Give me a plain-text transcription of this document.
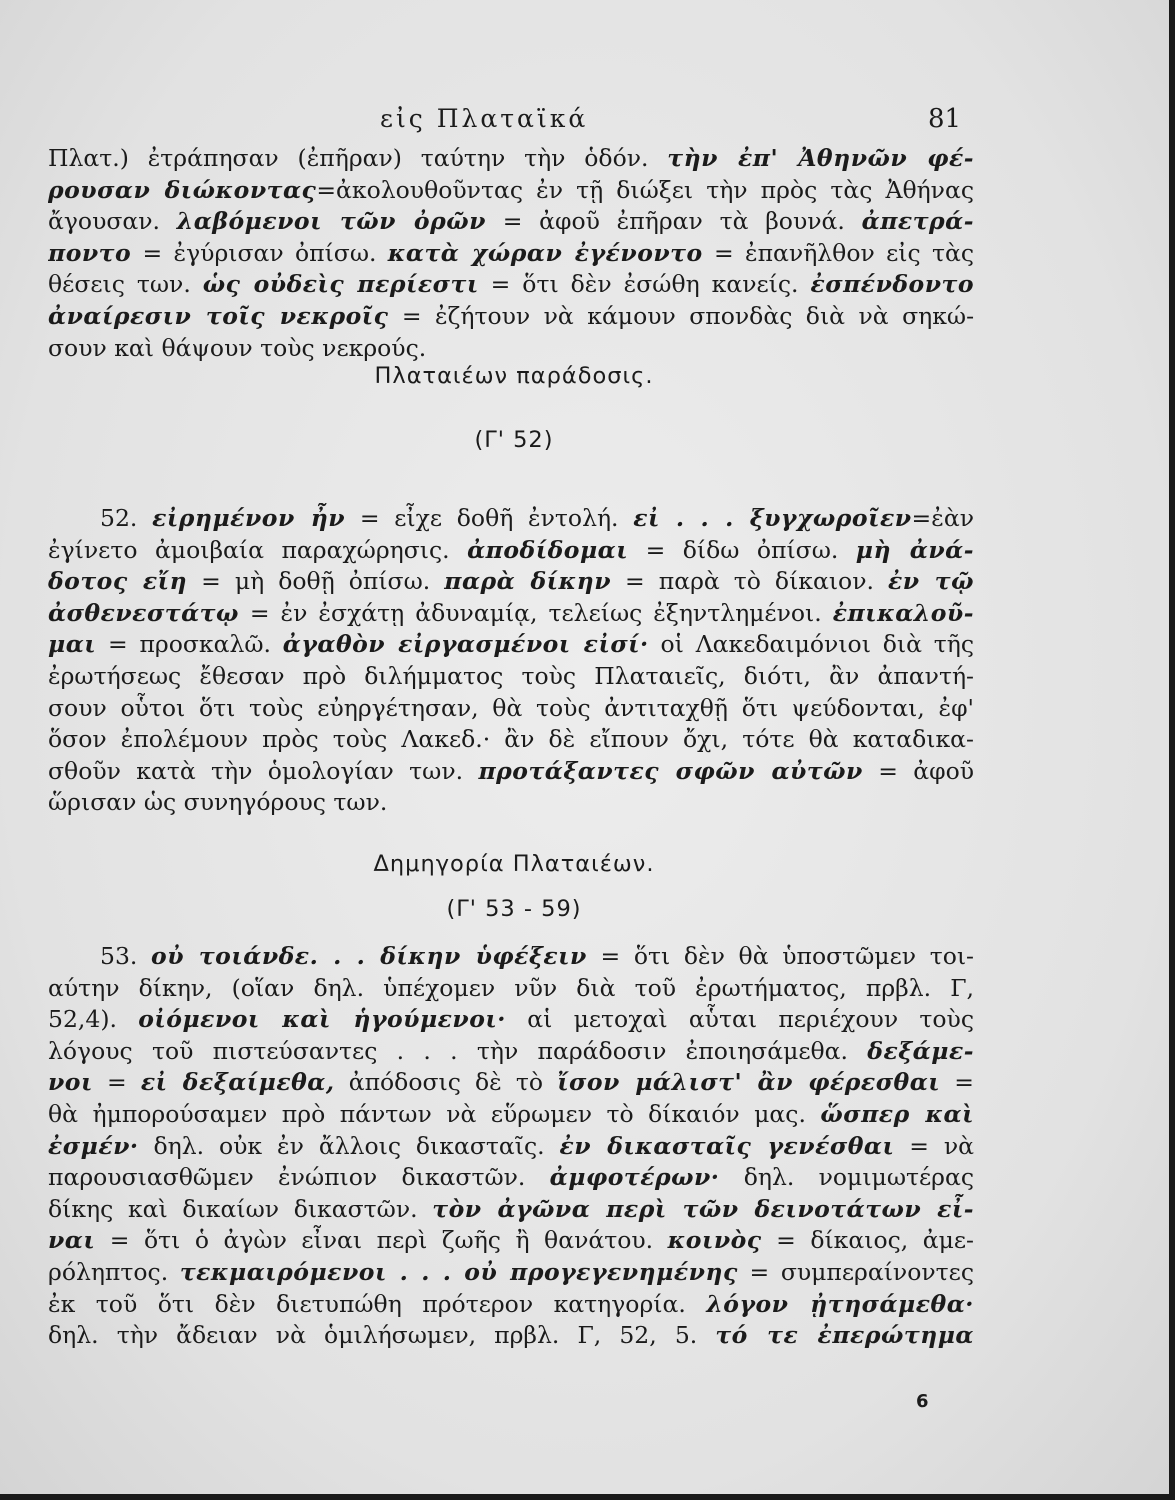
εἰς Πλαταϊκά	81
Πλατ.) ἐτράπησαν (ἐπῆραν) ταύτην τὴν ὁδόν. τὴν ἐπ' Ἀθηνῶν φέ-
ρουσαν διώκοντας=ἀκολουθοῦντας ἐν τῇ διώξει τὴν πρὸς τὰς Ἀθήνας
ἄγουσαν. λαβόμενοι τῶν ὀρῶν = ἀφοῦ ἐπῆραν τὰ βουνά. ἀπετρά-
ποντο = ἐγύρισαν ὀπίσω. κατὰ χώραν ἐγένοντο = ἐπανῆλθον εἰς τὰς
θέσεις των. ὡς οὐδεὶς περίεστι = ὅτι δὲν ἐσώθη κανείς. ἐσπένδοντο
ἀναίρεσιν τοῖς νεκροῖς = ἐζήτουν νὰ κάμουν σπονδὰς διὰ νὰ σηκώ-
σουν καὶ θάψουν τοὺς νεκρούς.
Πλαταιέων παράδοσις.
(Γ' 52)
52. εἰρημένον ἦν = εἶχε δοθῆ ἐντολή. εἰ . . . ξυγχωροῖεν=ἐὰν
ἐγίνετο ἀμοιβαία παραχώρησις. ἀποδίδομαι = δίδω ὀπίσω. μὴ ἀνά-
δοτος εἴη = μὴ δοθῇ ὀπίσω. παρὰ δίκην = παρὰ τὸ δίκαιον. ἐν τῷ
ἀσθενεστάτῳ = ἐν ἐσχάτῃ ἀδυναμίᾳ, τελείως ἐξηντλημένοι. ἐπικαλοῦ-
μαι = προσκαλῶ. ἀγαθὸν εἰργασμένοι εἰσί· οἱ Λακεδαιμόνιοι διὰ τῆς
ἐρωτήσεως ἔθεσαν πρὸ διλήμματος τοὺς Πλαταιεῖς, διότι, ἂν ἀπαντή-
σουν οὗτοι ὅτι τοὺς εὐηργέτησαν, θὰ τοὺς ἀντιταχθῇ ὅτι ψεύδονται, ἐφ'
ὅσον ἐπολέμουν πρὸς τοὺς Λακεδ.· ἂν δὲ εἴπουν ὄχι, τότε θὰ καταδικα-
σθοῦν κατὰ τὴν ὁμολογίαν των. προτάξαντες σφῶν αὐτῶν = ἀφοῦ
ὥρισαν ὡς συνηγόρους των.
Δημηγορία Πλαταιέων.
(Γ' 53 - 59)
53. οὐ τοιάνδε. . . δίκην ὑφέξειν = ὅτι δὲν θὰ ὑποστῶμεν τοι-
αύτην δίκην, (οἵαν δηλ. ὑπέχομεν νῦν διὰ τοῦ ἐρωτήματος, πρβλ. Γ,
52,4). οἰόμενοι καὶ ἡγούμενοι· αἱ μετοχαὶ αὗται περιέχουν τοὺς
λόγους τοῦ πιστεύσαντες . . . τὴν παράδοσιν ἐποιησάμεθα. δεξάμε-
νοι = εἰ δεξαίμεθα, ἀπόδοσις δὲ τὸ ἴσον μάλιστ' ἂν φέρεσθαι =
θὰ ἠμπορούσαμεν πρὸ πάντων νὰ εὕρωμεν τὸ δίκαιόν μας. ὥσπερ καὶ
ἐσμέν· δηλ. οὐκ ἐν ἄλλοις δικασταῖς. ἐν δικασταῖς γενέσθαι = νὰ
παρουσιασθῶμεν ἐνώπιον δικαστῶν. ἀμφοτέρων· δηλ. νομιμωτέρας
δίκης καὶ δικαίων δικαστῶν. τὸν ἀγῶνα περὶ τῶν δεινοτάτων εἶ-
ναι = ὅτι ὁ ἀγὼν εἶναι περὶ ζωῆς ἢ θανάτου. κοινὸς = δίκαιος, ἀμε-
ρόληπτος. τεκμαιρόμενοι . . . οὐ προγεγενημένης = συμπεραίνοντες
ἐκ τοῦ ὅτι δὲν διετυπώθη πρότερον κατηγορία. λόγον ᾐτησάμεθα·
δηλ. τὴν ἄδειαν νὰ ὁμιλήσωμεν, πρβλ. Γ, 52, 5. τό τε ἐπερώτημα
6
